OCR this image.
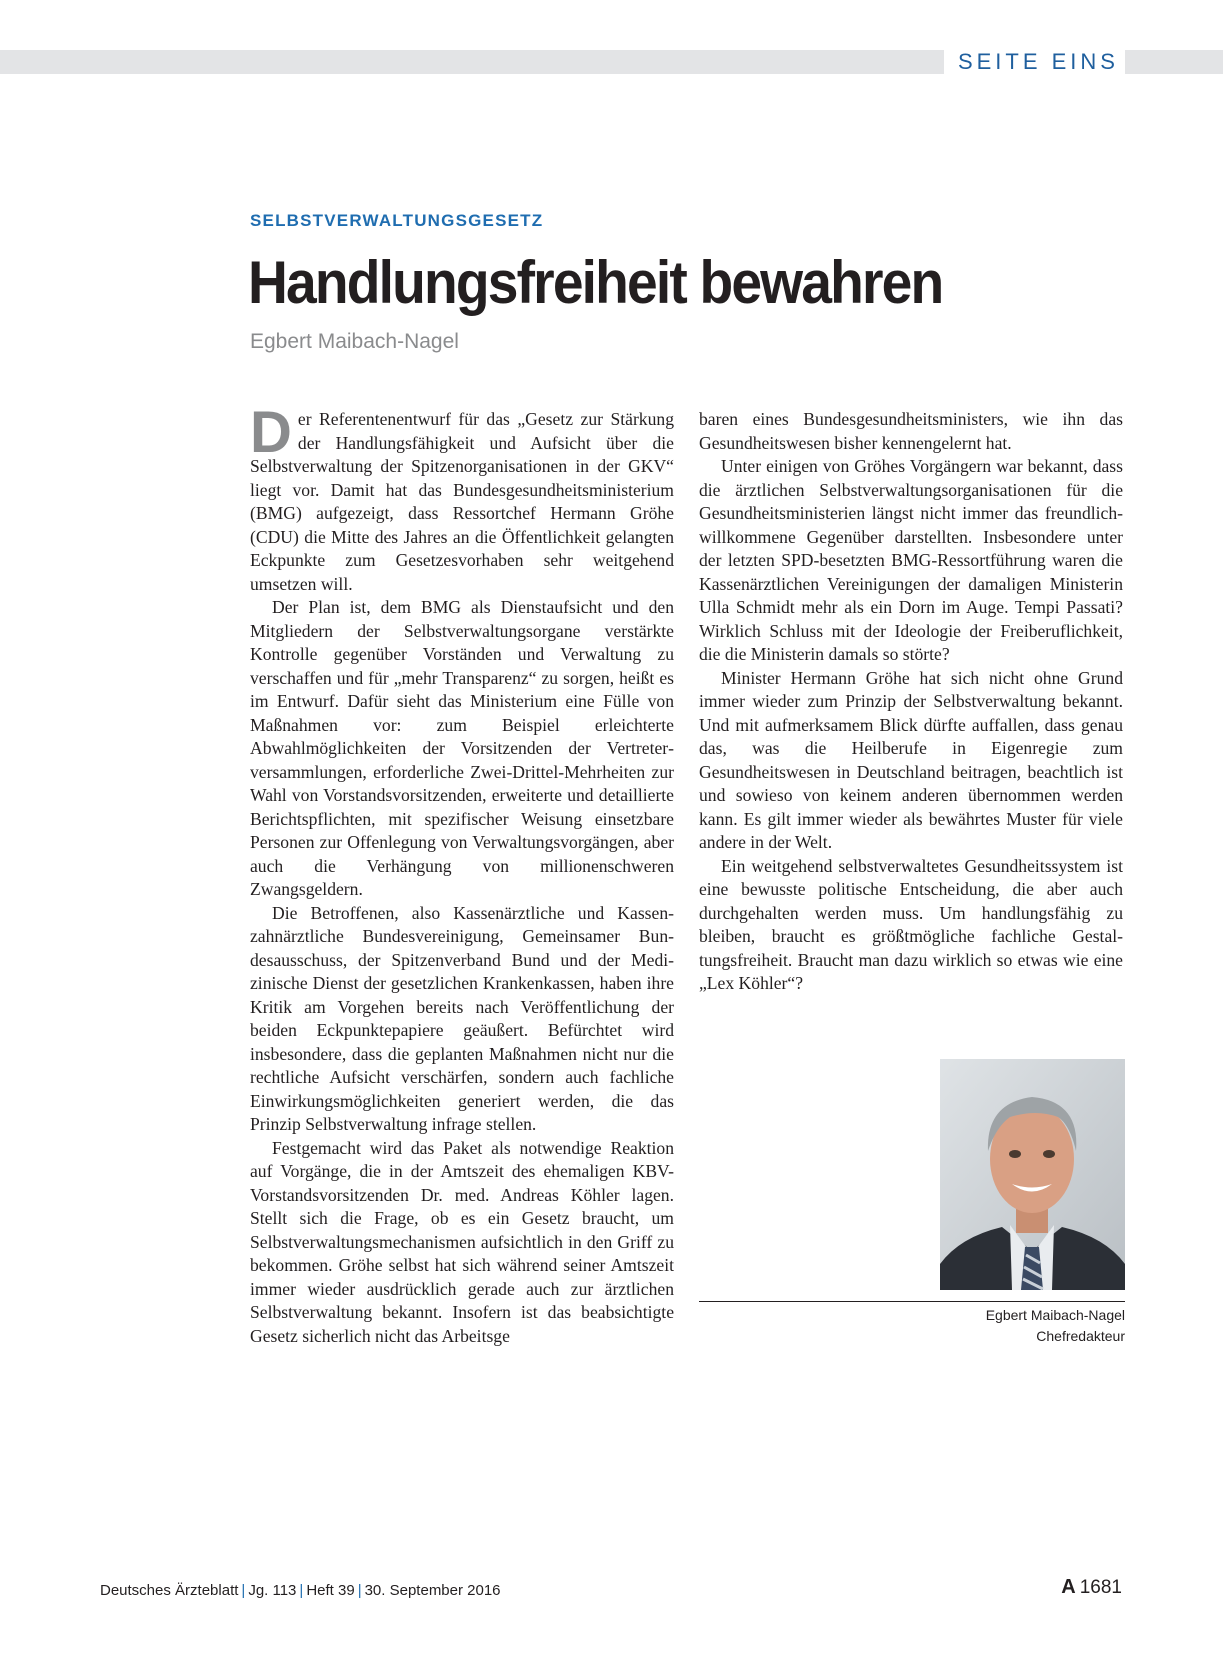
SEITE EINS
SELBSTVERWALTUNGSGESETZ
Handlungsfreiheit bewahren
Egbert Maibach-Nagel

Der Referentenentwurf für das „Gesetz zur Stärkung der Handlungsfähigkeit und Aufsicht über die Selbstverwaltung der Spitzenorganisationen in der GKV“ liegt vor. Damit hat das Bundesgesundheitsministerium (BMG) aufgezeigt, dass Ressortchef Hermann Gröhe (CDU) die Mitte des Jahres an die Öffentlichkeit gelangten Eckpunkte zum Gesetzesvorhaben sehr weitgehend umsetzen will.

Der Plan ist, dem BMG als Dienstaufsicht und den Mitgliedern der Selbstverwaltungsorgane verstärkte Kontrolle gegenüber Vorständen und Verwaltung zu verschaffen und für „mehr Transparenz“ zu sorgen, heißt es im Entwurf. Dafür sieht das Ministerium eine Fülle von Maßnahmen vor: zum Beispiel erleichterte Abwahlmöglichkeiten der Vorsitzenden der Vertreterversammlungen, erforderliche Zwei-Drittel-Mehrheiten zur Wahl von Vorstandsvorsitzenden, erweiterte und detaillierte Berichtspflichten, mit spezifischer Weisung einsetzbare Personen zur Offenlegung von Verwaltungsvorgängen, aber auch die Verhängung von millionenschweren Zwangsgeldern.

Die Betroffenen, also Kassenärztliche und Kassenzahnärztliche Bundesvereinigung, Gemeinsamer Bundesausschuss, der Spitzenverband Bund und der Medizinische Dienst der gesetzlichen Krankenkassen, haben ihre Kritik am Vorgehen bereits nach Veröffentlichung der beiden Eckpunktepapiere geäußert. Befürchtet wird insbesondere, dass die geplanten Maßnahmen nicht nur die rechtliche Aufsicht verschärfen, sondern auch fachliche Einwirkungsmöglichkeiten generiert werden, die das Prinzip Selbstverwaltung infrage stellen.

Festgemacht wird das Paket als notwendige Reaktion auf Vorgänge, die in der Amtszeit des ehemaligen KBV-Vorstandsvorsitzenden Dr. med. Andreas Köhler lagen. Stellt sich die Frage, ob es ein Gesetz braucht, um Selbstverwaltungsmechanismen aufsichtlich in den Griff zu bekommen. Gröhe selbst hat sich während seiner Amtszeit immer wieder ausdrücklich gerade auch zur ärztlichen Selbstverwaltung bekannt. Insofern ist das beabsichtigte Gesetz sicherlich nicht das Arbeitsge

baren eines Bundesgesundheitsministers, wie ihn das Gesundheitswesen bisher kennengelernt hat.

Unter einigen von Gröhes Vorgängern war bekannt, dass die ärztlichen Selbstverwaltungsorganisationen für die Gesundheitsministerien längst nicht immer das freundlich-willkommene Gegenüber darstellten. Insbesondere unter der letzten SPD-besetzten BMG-Ressortführung waren die Kassenärztlichen Vereinigungen der damaligen Ministerin Ulla Schmidt mehr als ein Dorn im Auge. Tempi Passati? Wirklich Schluss mit der Ideologie der Freiberuflichkeit, die die Ministerin damals so störte?

Minister Hermann Gröhe hat sich nicht ohne Grund immer wieder zum Prinzip der Selbstverwaltung bekannt. Und mit aufmerksamem Blick dürfte auffallen, dass genau das, was die Heilberufe in Eigenregie zum Gesundheitswesen in Deutschland beitragen, beachtlich ist und sowieso von keinem anderen übernommen werden kann. Es gilt immer wieder als bewährtes Muster für viele andere in der Welt.

Ein weitgehend selbstverwaltetes Gesundheitssystem ist eine bewusste politische Entscheidung, die aber auch durchgehalten werden muss. Um handlungsfähig zu bleiben, braucht es größtmögliche fachliche Gestaltungsfreiheit. Braucht man dazu wirklich so etwas wie eine „Lex Köhler“?

Egbert Maibach-Nagel
Chefredakteur
Deutsches Ärzteblatt | Jg. 113 | Heft 39 | 30. September 2016	A 1681
